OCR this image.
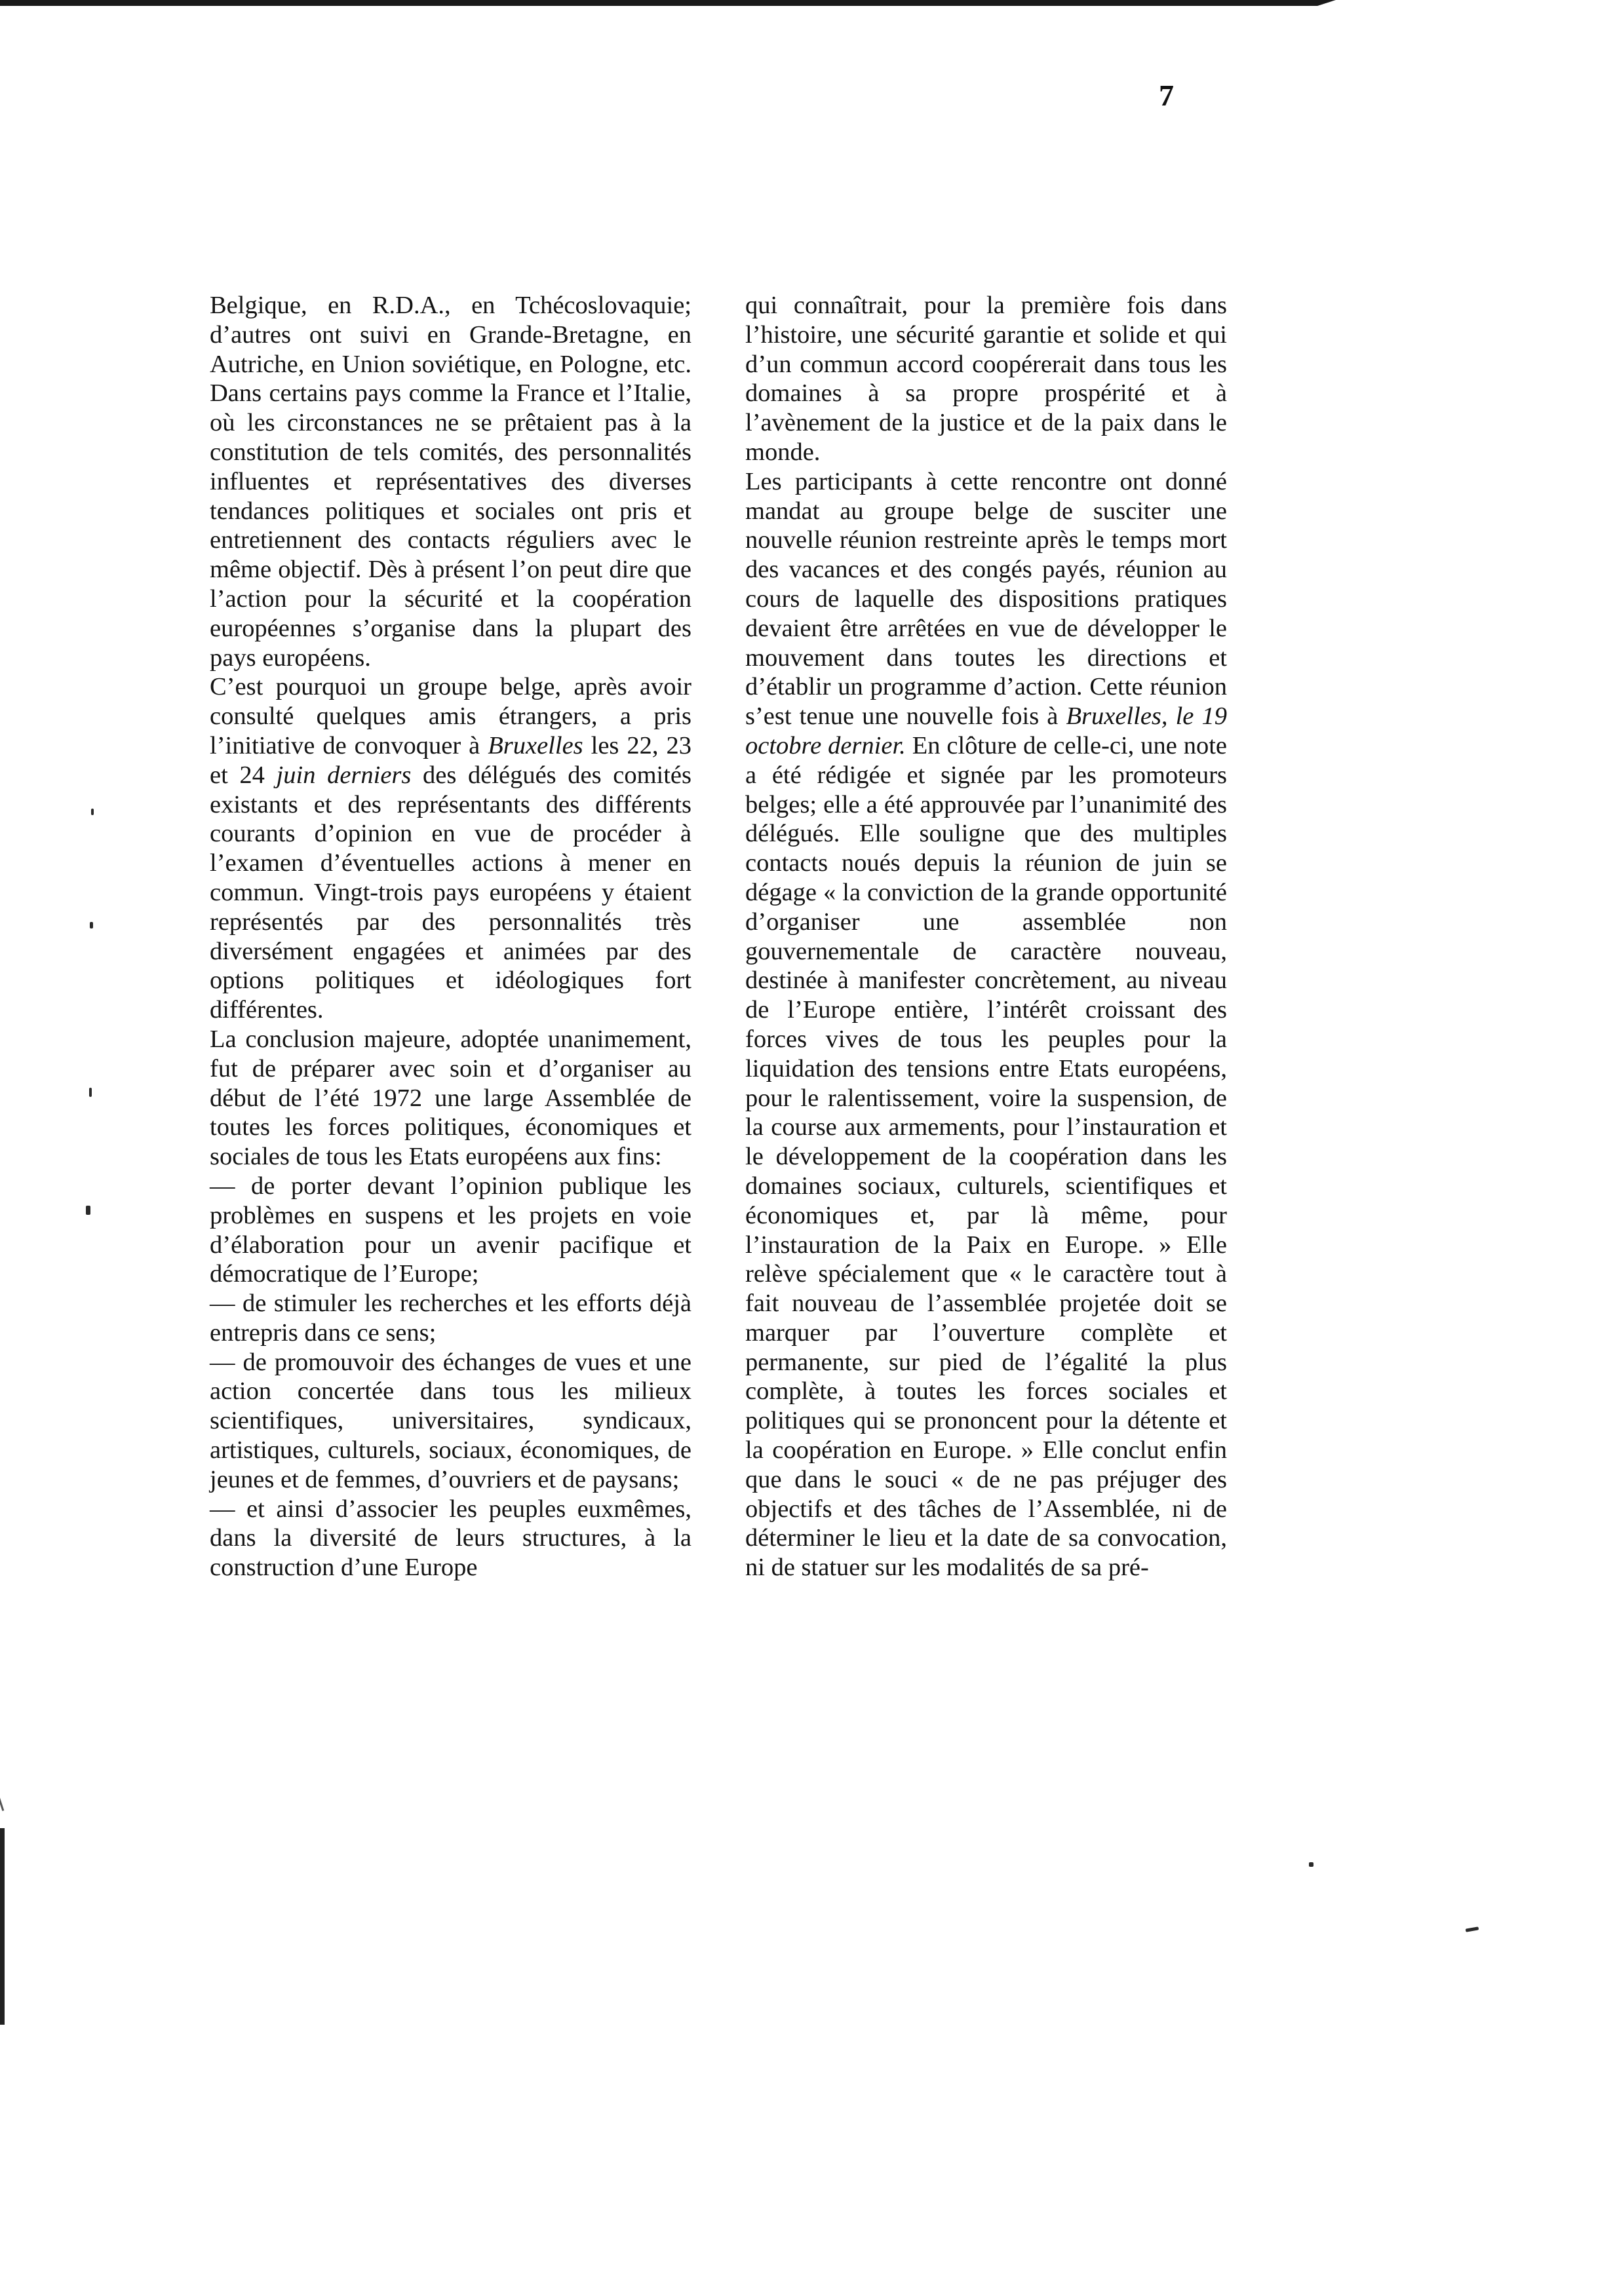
7

Belgique, en R.D.A., en Tchécoslovaquie; d’autres ont suivi en Grande-Bretagne, en Autriche, en Union soviétique, en Pologne, etc. Dans certains pays comme la France et l’Italie, où les circonstances ne se prêtaient pas à la constitution de tels comités, des personnalités influentes et représentatives des diverses tendances politiques et sociales ont pris et entretiennent des contacts réguliers avec le même objectif. Dès à présent l’on peut dire que l’action pour la sécurité et la coopération européennes s’organise dans la plupart des pays européens.

C’est pourquoi un groupe belge, après avoir consulté quelques amis étrangers, a pris l’initiative de convoquer à Bruxelles les 22, 23 et 24 juin derniers des délégués des comités existants et des représentants des différents courants d’opinion en vue de procéder à l’examen d’éventuelles actions à mener en commun. Vingt-trois pays européens y étaient représentés par des personnalités très diversément engagées et animées par des options politiques et idéologiques fort différentes.

La conclusion majeure, adoptée unanimement, fut de préparer avec soin et d’organiser au début de l’été 1972 une large Assemblée de toutes les forces politiques, économiques et sociales de tous les Etats européens aux fins:

— de porter devant l’opinion publique les problèmes en suspens et les projets en voie d’élaboration pour un avenir pacifique et démocratique de l’Europe;

— de stimuler les recherches et les efforts déjà entrepris dans ce sens;

— de promouvoir des échanges de vues et une action concertée dans tous les milieux scientifiques, universitaires, syndicaux, artistiques, culturels, sociaux, économiques, de jeunes et de femmes, d’ouvriers et de paysans;

— et ainsi d’associer les peuples euxmêmes, dans la diversité de leurs structures, à la construction d’une Europe

qui connaîtrait, pour la première fois dans l’histoire, une sécurité garantie et solide et qui d’un commun accord coopérerait dans tous les domaines à sa propre prospérité et à l’avènement de la justice et de la paix dans le monde.

Les participants à cette rencontre ont donné mandat au groupe belge de susciter une nouvelle réunion restreinte après le temps mort des vacances et des congés payés, réunion au cours de laquelle des dispositions pratiques devaient être arrêtées en vue de développer le mouvement dans toutes les directions et d’établir un programme d’action. Cette réunion s’est tenue une nouvelle fois à Bruxelles, le 19 octobre dernier. En clôture de celle-ci, une note a été rédigée et signée par les promoteurs belges; elle a été approuvée par l’unanimité des délégués. Elle souligne que des multiples contacts noués depuis la réunion de juin se dégage « la conviction de la grande opportunité d’organiser une assemblée non gouvernementale de caractère nouveau, destinée à manifester concrètement, au niveau de l’Europe entière, l’intérêt croissant des forces vives de tous les peuples pour la liquidation des tensions entre Etats européens, pour le ralentissement, voire la suspension, de la course aux armements, pour l’instauration et le développement de la coopération dans les domaines sociaux, culturels, scientifiques et économiques et, par là même, pour l’instauration de la Paix en Europe. » Elle relève spécialement que « le caractère tout à fait nouveau de l’assemblée projetée doit se marquer par l’ouverture complète et permanente, sur pied de l’égalité la plus complète, à toutes les forces sociales et politiques qui se prononcent pour la détente et la coopération en Europe. » Elle conclut enfin que dans le souci « de ne pas préjuger des objectifs et des tâches de l’Assemblée, ni de déterminer le lieu et la date de sa convocation, ni de statuer sur les modalités de sa pré-
